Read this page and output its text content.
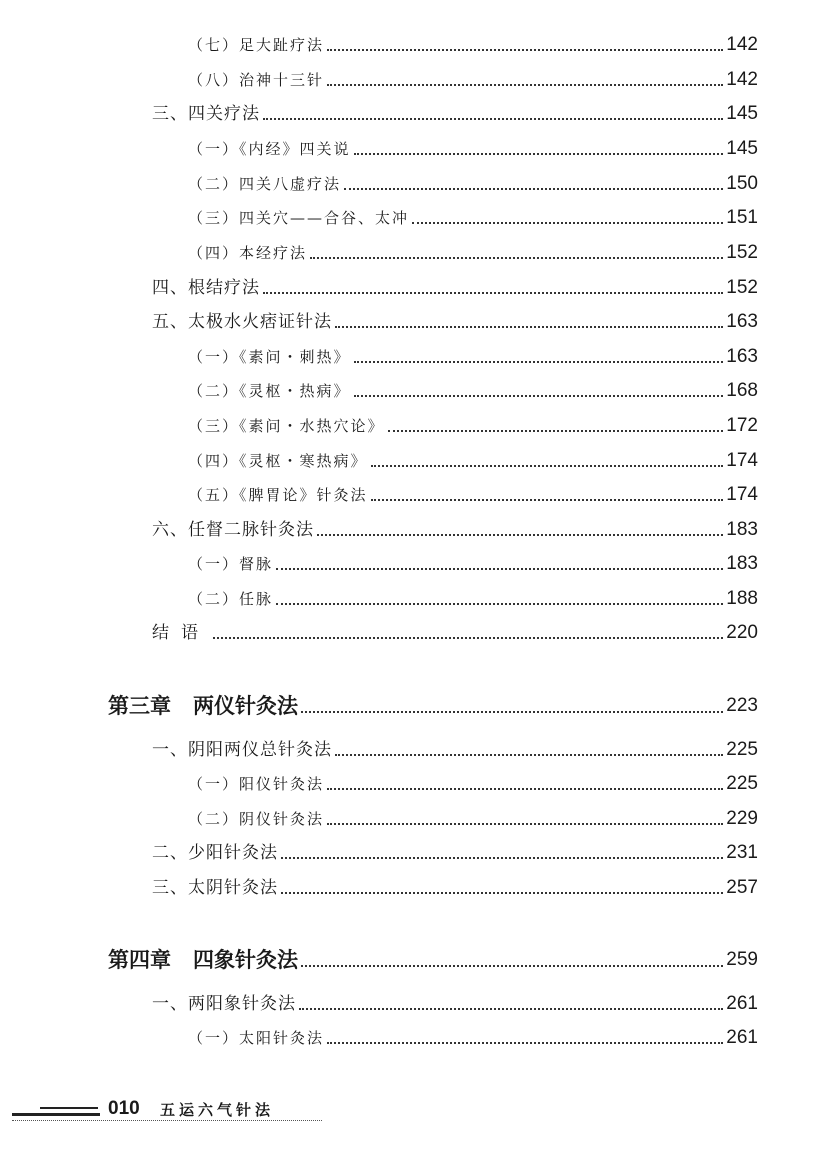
（七）足大趾疗法	142
（八）治神十三针	142
三、四关疗法	145
（一）《内经》四关说	145
（二）四关八虚疗法	150
（三）四关穴——合谷、太冲	151
（四）本经疗法	152
四、根结疗法	152
五、太极水火痞证针法	163
（一）《素问・刺热》	163
（二）《灵枢・热病》	168
（三）《素问・水热穴论》	172
（四）《灵枢・寒热病》	174
（五）《脾胃论》针灸法	174
六、任督二脉针灸法	183
（一）督脉	183
（二）任脉	188
结语	220
第三章 两仪针灸法	223
一、阴阳两仪总针灸法	225
（一）阳仪针灸法	225
（二）阴仪针灸法	229
二、少阳针灸法	231
三、太阴针灸法	257
第四章 四象针灸法	259
一、两阳象针灸法	261
（一）太阳针灸法	261
010 五运六气针法
